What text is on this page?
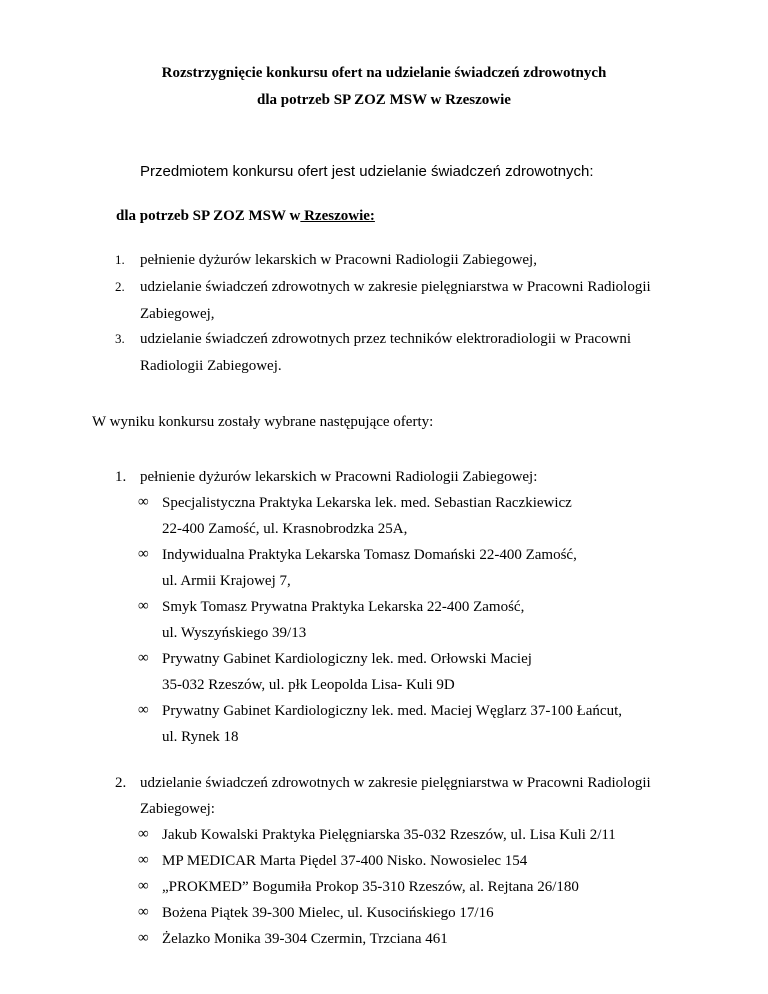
Rozstrzygnięcie konkursu ofert na udzielanie świadczeń zdrowotnych
dla potrzeb SP ZOZ MSW w Rzeszowie
Przedmiotem konkursu ofert jest udzielanie świadczeń zdrowotnych:
dla potrzeb SP ZOZ MSW w Rzeszowie:
1. pełnienie dyżurów lekarskich w Pracowni Radiologii Zabiegowej,
2. udzielanie świadczeń zdrowotnych w zakresie pielęgniarstwa w Pracowni Radiologii
Zabiegowej,
3. udzielanie świadczeń zdrowotnych przez techników elektroradiologii w Pracowni
Radiologii Zabiegowej.
W wyniku konkursu zostały wybrane następujące oferty:
1. pełnienie dyżurów lekarskich w Pracowni Radiologii Zabiegowej:
∞ Specjalistyczna Praktyka Lekarska lek. med. Sebastian Raczkiewicz
22-400 Zamość, ul. Krasnobrodzka 25A,
∞ Indywidualna Praktyka Lekarska Tomasz Domański 22-400 Zamość,
ul. Armii Krajowej 7,
∞ Smyk Tomasz Prywatna Praktyka Lekarska 22-400 Zamość,
ul. Wyszyńskiego 39/13
∞ Prywatny Gabinet Kardiologiczny lek. med. Orłowski Maciej
35-032 Rzeszów, ul. płk Leopolda Lisa- Kuli 9D
∞ Prywatny Gabinet Kardiologiczny lek. med. Maciej Węglarz 37-100 Łańcut,
ul. Rynek 18
2. udzielanie świadczeń zdrowotnych w zakresie pielęgniarstwa w Pracowni Radiologii
Zabiegowej:
∞ Jakub Kowalski Praktyka Pielęgniarska 35-032 Rzeszów, ul. Lisa Kuli 2/11
∞ MP MEDICAR Marta Piędel 37-400 Nisko. Nowosielec 154
∞ „PROKMED” Bogumiła Prokop 35-310 Rzeszów, al. Rejtana 26/180
∞ Bożena Piątek 39-300 Mielec, ul. Kusocińskiego 17/16
∞ Żelazko Monika 39-304 Czermin, Trzciana 461
